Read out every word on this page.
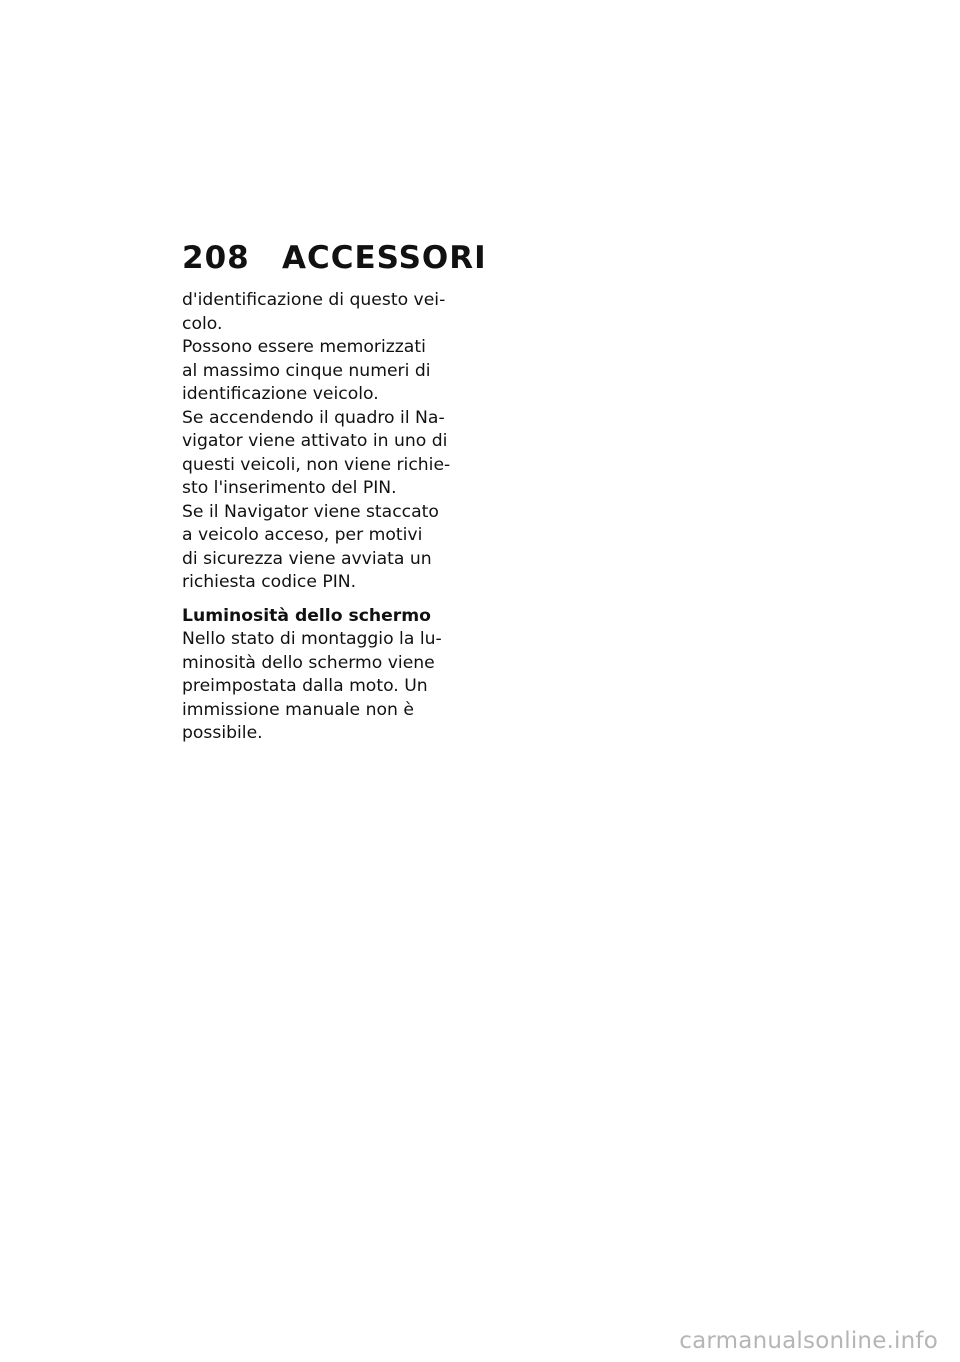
208 ACCESSORI
d'identificazione di questo vei-
colo.
Possono essere memorizzati
al massimo cinque numeri di
identificazione veicolo.
Se accendendo il quadro il Na-
vigator viene attivato in uno di
questi veicoli, non viene richie-
sto l'inserimento del PIN.
Se il Navigator viene staccato
a veicolo acceso, per motivi
di sicurezza viene avviata un
richiesta codice PIN.
Luminosità dello schermo
Nello stato di montaggio la lu-
minosità dello schermo viene
preimpostata dalla moto. Un
immissione manuale non è
possibile.
carmanualsonline.info
